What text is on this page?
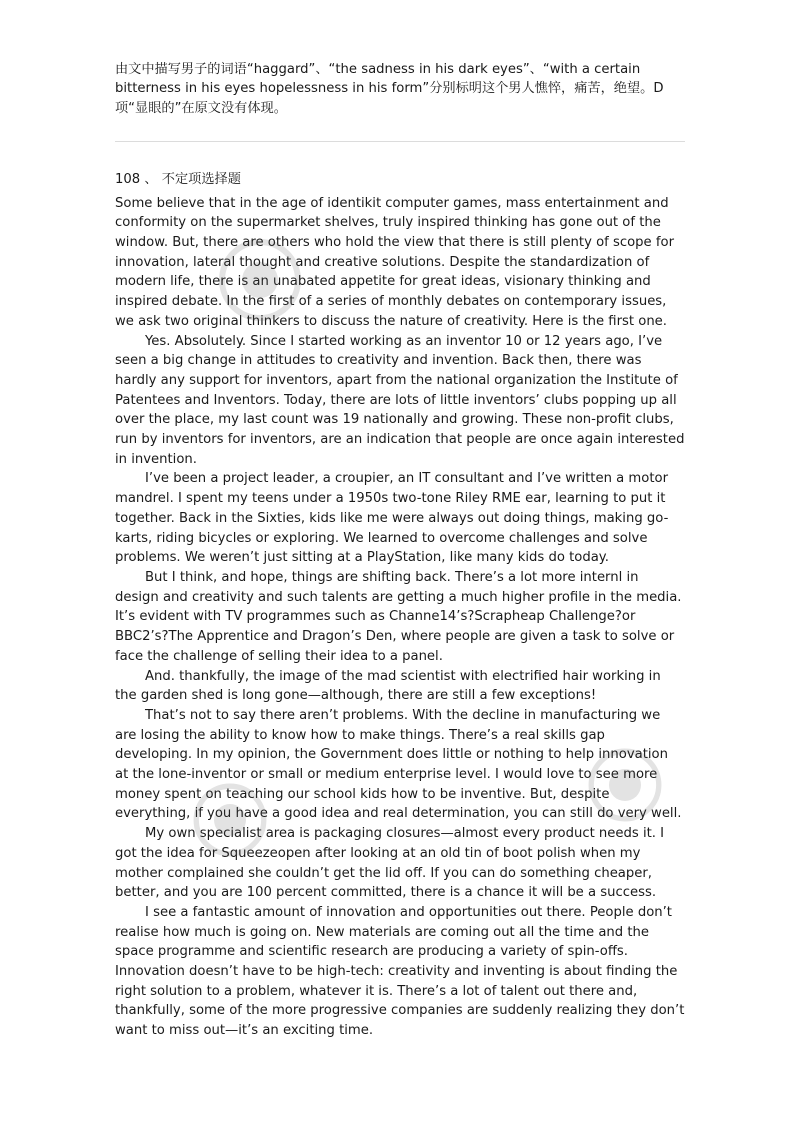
由文中描写男子的词语“haggard”、“the sadness in his dark eyes”、“with a certain bitterness in his eyes hopelessness in his form”分别标明这个男人憔悴，痛苦，绝望。D项“显眼的”在原文没有体现。

108 、 不定项选择题

Some believe that in the age of identikit computer games, mass entertainment and conformity on the supermarket shelves, truly inspired thinking has gone out of the window. But, there are others who hold the view that there is still plenty of scope for innovation, lateral thought and creative solutions. Despite the standardization of modern life, there is an unabated appetite for great ideas, visionary thinking and inspired debate. In the first of a series of monthly debates on contemporary issues, we ask two original thinkers to discuss the nature of creativity. Here is the first one.

Yes. Absolutely. Since I started working as an inventor 10 or 12 years ago, I’ve seen a big change in attitudes to creativity and invention. Back then, there was hardly any support for inventors, apart from the national organization the Institute of Patentees and Inventors. Today, there are lots of little inventors’ clubs popping up all over the place, my last count was 19 nationally and growing. These non-profit clubs, run by inventors for inventors, are an indication that people are once again interested in invention.

I’ve been a project leader, a croupier, an IT consultant and I’ve written a motor mandrel. I spent my teens under a 1950s two-tone Riley RME ear, learning to put it together. Back in the Sixties, kids like me were always out doing things, making go-karts, riding bicycles or exploring. We learned to overcome challenges and solve problems. We weren’t just sitting at a PlayStation, like many kids do today.

But I think, and hope, things are shifting back. There’s a lot more internl in design and creativity and such talents are getting a much higher profile in the media. It’s evident with TV programmes such as Channe14’s?Scrapheap Challenge?or BBC2’s?The Apprentice and Dragon’s Den, where people are given a task to solve or face the challenge of selling their idea to a panel.

And. thankfully, the image of the mad scientist with electrified hair working in the garden shed is long gone—although, there are still a few exceptions!

That’s not to say there aren’t problems. With the decline in manufacturing we are losing the ability to know how to make things. There’s a real skills gap developing. In my opinion, the Government does little or nothing to help innovation at the lone-inventor or small or medium enterprise level. I would love to see more money spent on teaching our school kids how to be inventive. But, despite everything, if you have a good idea and real determination, you can still do very well.

My own specialist area is packaging closures—almost every product needs it. I got the idea for Squeezeopen after looking at an old tin of boot polish when my mother complained she couldn’t get the lid off. If you can do something cheaper, better, and you are 100 percent committed, there is a chance it will be a success.

I see a fantastic amount of innovation and opportunities out there. People don’t realise how much is going on. New materials are coming out all the time and the space programme and scientific research are producing a variety of spin-offs. Innovation doesn’t have to be high-tech: creativity and inventing is about finding the right solution to a problem, whatever it is. There’s a lot of talent out there and, thankfully, some of the more progressive companies are suddenly realizing they don’t want to miss out—it’s an exciting time.
